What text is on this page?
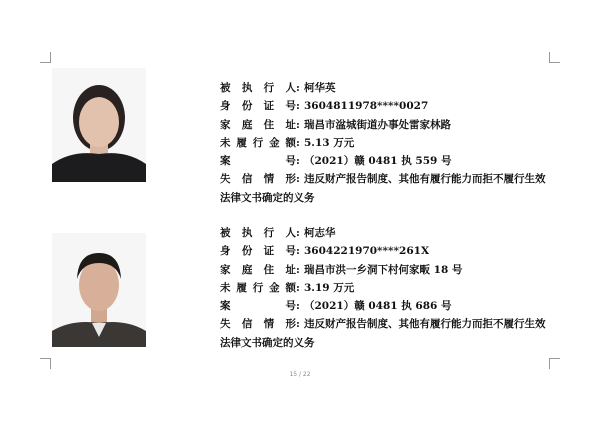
被执行人 : 柯华英
身份证号 : 3604811978****0027
家庭住址 : 瑞昌市湓城街道办事处雷家林路
未履行金额 : 5.13 万元
案号 : （2021）赣 0481 执 559 号
失信情形 : 违反财产报告制度、其他有履行能力而拒不履行生效
法律文书确定的义务
被执行人 : 柯志华
身份证号 : 3604221970****261X
家庭住址 : 瑞昌市洪一乡洞下村何家畈 18 号
未履行金额 : 3.19 万元
案号 : （2021）赣 0481 执 686 号
失信情形 : 违反财产报告制度、其他有履行能力而拒不履行生效
法律文书确定的义务
15 / 22
